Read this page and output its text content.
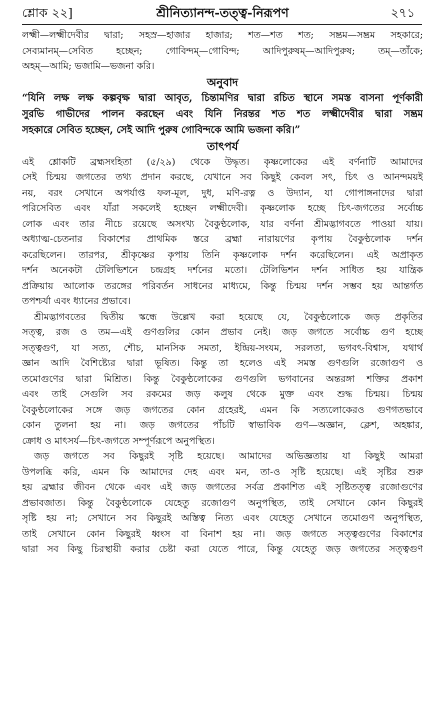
শ্লোক ২২]	শ্রীনিত্যানন্দ-তত্ত্ব-নিরূপণ	২৭১
লক্ষ্মী—লক্ষ্মীদেবীর দ্বারা; সহস্র—হাজার হাজার; শত—শত শত; সম্ভ্রম—সম্ভ্রম সহকারে;
সেব্যমানম্—সেবিত হচ্ছেন; গোবিন্দম্—গোবিন্দ; আদিপুরুষম্—আদিপুরুষ; তম্—তাঁকে;
অহম্—আমি; ভজামি—ভজনা করি।
অনুবাদ
“যিনি লক্ষ লক্ষ কল্পবৃক্ষ দ্বারা আবৃত, চিন্তামণির দ্বারা রচিত স্থানে সমস্ত বাসনা পূর্ণকারী
সুরভি গাভীদের পালন করছেন এবং যিনি নিরন্তর শত শত লক্ষ্মীদেবীর দ্বারা সম্ভ্রম
সহকারে সেবিত হচ্ছেন, সেই আদি পুরুষ গোবিন্দকে আমি ভজনা করি।”
তাৎপর্য
এই শ্লোকটি ব্রহ্মসংহিতা (৫/২৯) থেকে উদ্ধৃত। কৃষ্ণলোকের এই বর্ণনাটি আমাদের
সেই চিন্ময় জগতের তথ্য প্রদান করছে, যেখানে সব কিছুই কেবল সৎ, চিৎ ও আনন্দময়ই
নয়, বরং সেখানে অপর্যাপ্ত ফল-মূল, দুধ, মণি-রত্ন ও উদ্যান, যা গোপাঙ্গনাদের দ্বারা
পরিসেবিত এবং যাঁরা সকলেই হচ্ছেন লক্ষ্মীদেবী। কৃষ্ণলোক হচ্ছে চিৎ-জগতের সর্বোচ্চ
লোক এবং তার নীচে রয়েছে অসংখ্য বৈকুণ্ঠলোক, যার বর্ণনা শ্রীমদ্ভাগবতে পাওয়া যায়।
অধ্যাত্ম-চেতনার বিকাশের প্রাথমিক স্তরে ব্রহ্মা নারায়ণের কৃপায় বৈকুণ্ঠলোক দর্শন
করেছিলেন। তারপর, শ্রীকৃষ্ণের কৃপায় তিনি কৃষ্ণলোক দর্শন করেছিলেন। এই অপ্রাকৃত
দর্শন অনেকটা টেলিভিশনে চন্দ্রগ্রহ দর্শনের মতো। টেলিভিশন দর্শন সাধিত হয় যান্ত্রিক
প্রক্রিয়ায় আলোক তরঙ্গের পরিবর্তন সাধনের মাধ্যমে, কিন্তু চিন্ময় দর্শন সম্ভব হয় আন্তর্গত
তপশ্চর্যা এবং ধ্যানের প্রভাবে।
শ্রীমদ্ভাগবতের দ্বিতীয় স্কন্ধে উল্লেখ করা হয়েছে যে, বৈকুণ্ঠলোকে জড় প্রকৃতির
সত্ত্ব, রজ ও তম—এই গুণগুলির কোন প্রভাব নেই। জড় জগতে সর্বোচ্চ গুণ হচ্ছে
সত্ত্বগুণ, যা সত্য, শৌচ, মানসিক সমতা, ইন্দ্রিয়-সংযম, সরলতা, ভগবৎ-বিশ্বাস, যথার্থ
জ্ঞান আদি বৈশিষ্ট্যের দ্বারা ভূষিত। কিন্তু তা হলেও এই সমস্ত গুণগুলি রজোগুণ ও
তমোগুণের দ্বারা মিশ্রিত। কিন্তু বৈকুণ্ঠলোকের গুণগুলি ভগবানের অন্তরঙ্গা শক্তির প্রকাশ
এবং তাই সেগুলি সব রকমের জড় কলুষ থেকে মুক্ত এবং শুদ্ধ চিন্ময়। চিন্ময়
বৈকুণ্ঠলোকের সঙ্গে জড় জগতের কোন গ্রহেরই, এমন কি সত্যলোকেরও গুণগতভাবে
কোন তুলনা হয় না। জড় জগতের পাঁচটি স্বাভাবিক গুণ—অজ্ঞান, ক্লেশ, অহঙ্কার,
ক্রোধ ও মাৎসর্য—চিৎ-জগতে সম্পূর্ণরূপে অনুপস্থিত।
জড় জগতে সব কিছুরই সৃষ্টি হয়েছে। আমাদের অভিজ্ঞতায় যা কিছুই আমরা
উপলব্ধি করি, এমন কি আমাদের দেহ এবং মন, তা-ও সৃষ্টি হয়েছে। এই সৃষ্টির শুরু
হয় ব্রহ্মার জীবন থেকে এবং এই জড় জগতের সর্বত্র প্রকাশিত এই সৃষ্টিতত্ত্ব রজোগুণের
প্রভাবজাত। কিন্তু বৈকুণ্ঠলোকে যেহেতু রজোগুণ অনুপস্থিত, তাই সেখানে কোন কিছুরই
সৃষ্টি হয় না; সেখানে সব কিছুরই অস্তিত্ব নিত্য এবং যেহেতু সেখানে তমোগুণ অনুপস্থিত,
তাই সেখানে কোন কিছুরই ধ্বংস বা বিনাশ হয় না। জড় জগতে সত্ত্বগুণের বিকাশের
দ্বারা সব কিছু চিরস্থায়ী করার চেষ্টা করা যেতে পারে, কিন্তু যেহেতু জড় জগতের সত্ত্বগুণ
